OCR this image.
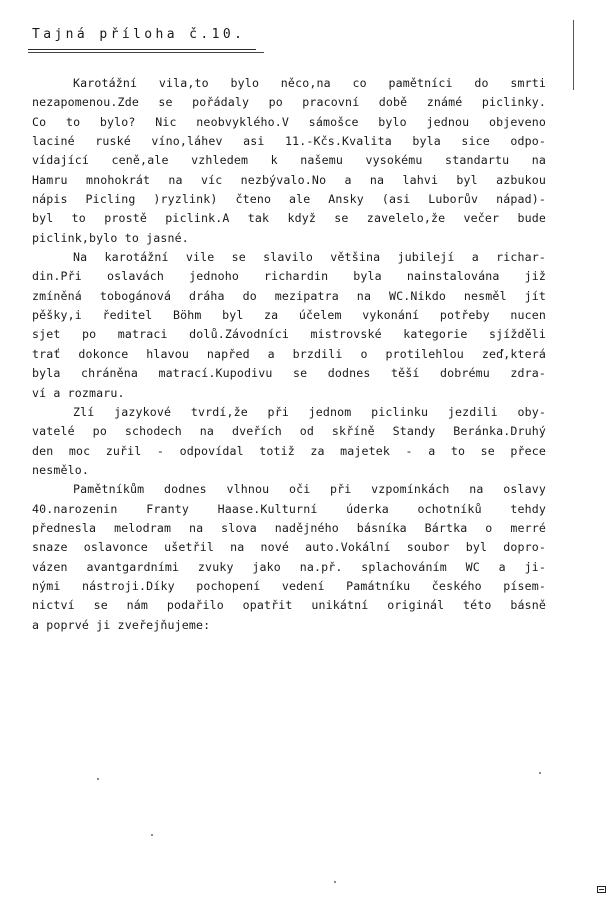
Tajná příloha č.10.
Karotážní vila,to bylo něco,na co pamětníci do smrti
nezapomenou.Zde se pořádaly po pracovní době známé piclinky.
Co to bylo? Nic neobvyklého.V sámošce bylo jednou objeveno
laciné ruské víno,láhev asi 11.-Kčs.Kvalita byla sice odpo-
vídající ceně,ale vzhledem k našemu vysokému standartu na
Hamru mnohokrát na víc nezbývalo.No a na lahvi byl azbukou
nápis Picling )ryzlink) čteno ale Ansky (asi Luborův nápad)-
byl to prostě piclink.A tak když se zavelelo,že večer bude
piclink,bylo to jasné.
Na karotážní vile se slavilo většina jubilejí a richar-
din.Při oslavách jednoho richardin byla nainstalována již
zmíněná tobogánová dráha do mezipatra na WC.Nikdo nesměl jít
pěšky,i ředitel Böhm byl za účelem vykonání potřeby nucen
sjet po matraci dolů.Závodníci mistrovské kategorie sjížděli
trať dokonce hlavou napřed a brzdili o protilehlou zeď,která
byla chráněna matrací.Kupodivu se dodnes těší dobrému zdra-
ví a rozmaru.
Zlí jazykové tvrdí,že při jednom piclinku jezdili oby-
vatelé po schodech na dveřích od skříně Standy Beránka.Druhý
den moc zuřil - odpovídal totiž za majetek - a to se přece
nesmělo.
Pamětníkům dodnes vlhnou oči při vzpomínkách na oslavy
40.narozenin Franty Haase.Kulturní úderka ochotníků tehdy
přednesla melodram na slova nadějného básníka Bártka o merré
snaze oslavonce ušetřil na nové auto.Vokální soubor byl dopro-
vázen avantgardními zvuky jako na.př. splachováním WC a ji-
nými nástroji.Díky pochopení vedení Památníku českého písem-
nictví se nám podařilo opatřit unikátní originál této básně
a poprvé ji zveřejňujeme:
